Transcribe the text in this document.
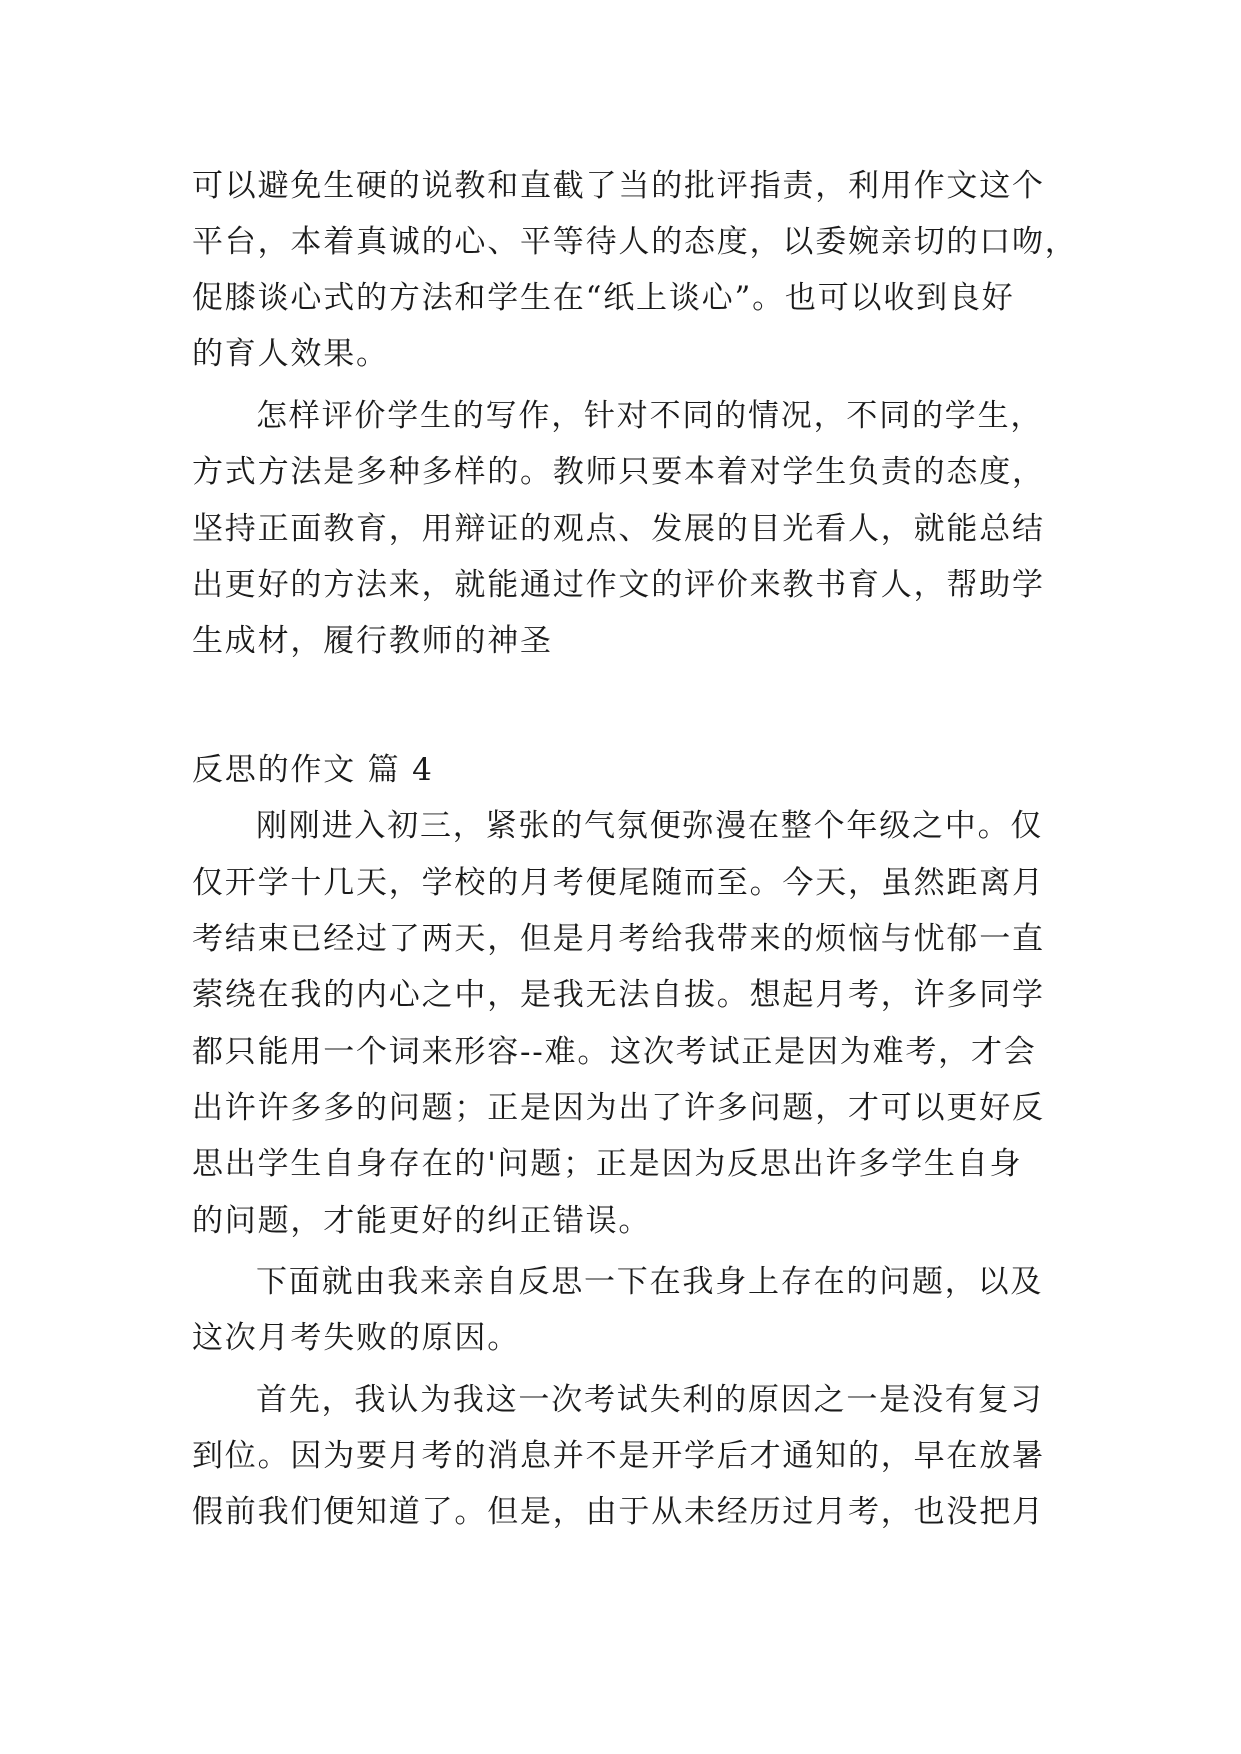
可以避免生硬的说教和直截了当的批评指责，利用作文这个
平台，本着真诚的心、平等待人的态度，以委婉亲切的口吻，
促膝谈心式的方法和学生在“纸上谈心”。也可以收到良好
的育人效果。
怎样评价学生的写作，针对不同的情况，不同的学生，
方式方法是多种多样的。教师只要本着对学生负责的态度，
坚持正面教育，用辩证的观点、发展的目光看人，就能总结
出更好的方法来，就能通过作文的评价来教书育人，帮助学
生成材，履行教师的神圣
反思的作文 篇 4
刚刚进入初三，紧张的气氛便弥漫在整个年级之中。仅
仅开学十几天，学校的月考便尾随而至。今天，虽然距离月
考结束已经过了两天，但是月考给我带来的烦恼与忧郁一直
萦绕在我的内心之中，是我无法自拔。想起月考，许多同学
都只能用一个词来形容--难。这次考试正是因为难考，才会
出许许多多的问题；正是因为出了许多问题，才可以更好反
思出学生自身存在的'问题；正是因为反思出许多学生自身
的问题，才能更好的纠正错误。
下面就由我来亲自反思一下在我身上存在的问题，以及
这次月考失败的原因。
首先，我认为我这一次考试失利的原因之一是没有复习
到位。因为要月考的消息并不是开学后才通知的，早在放暑
假前我们便知道了。但是，由于从未经历过月考，也没把月
